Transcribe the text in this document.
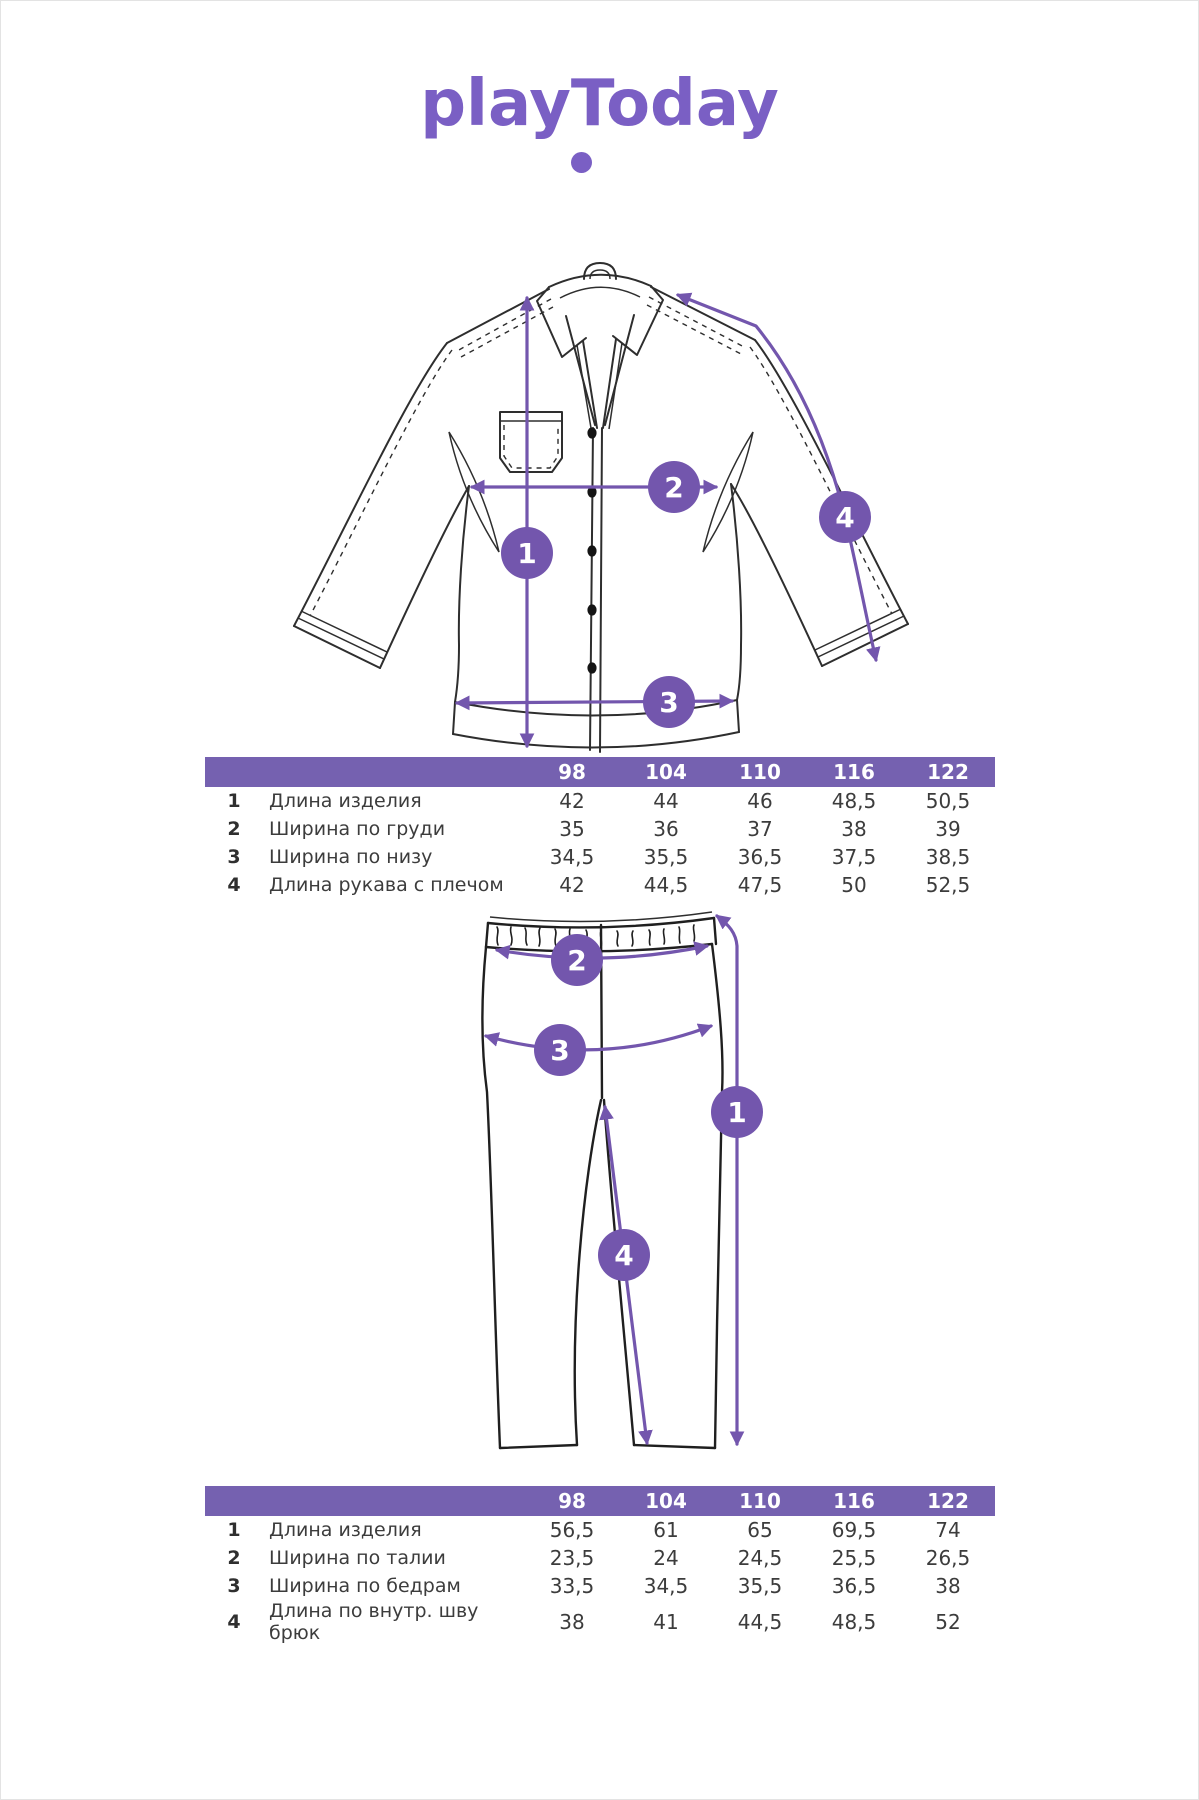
playToday
1
2
3
4
98	104	110	116	122
1	Длина изделия	42	44	46	48,5	50,5
2	Ширина по груди	35	36	37	38	39
3	Ширина по низу	34,5	35,5	36,5	37,5	38,5
4	Длина рукава с плечом	42	44,5	47,5	50	52,5
2
3
1
4
98	104	110	116	122
1	Длина изделия	56,5	61	65	69,5	74
2	Ширина по талии	23,5	24	24,5	25,5	26,5
3	Ширина по бедрам	33,5	34,5	35,5	36,5	38
4	Длина по внутр. шву брюк	38	41	44,5	48,5	52
